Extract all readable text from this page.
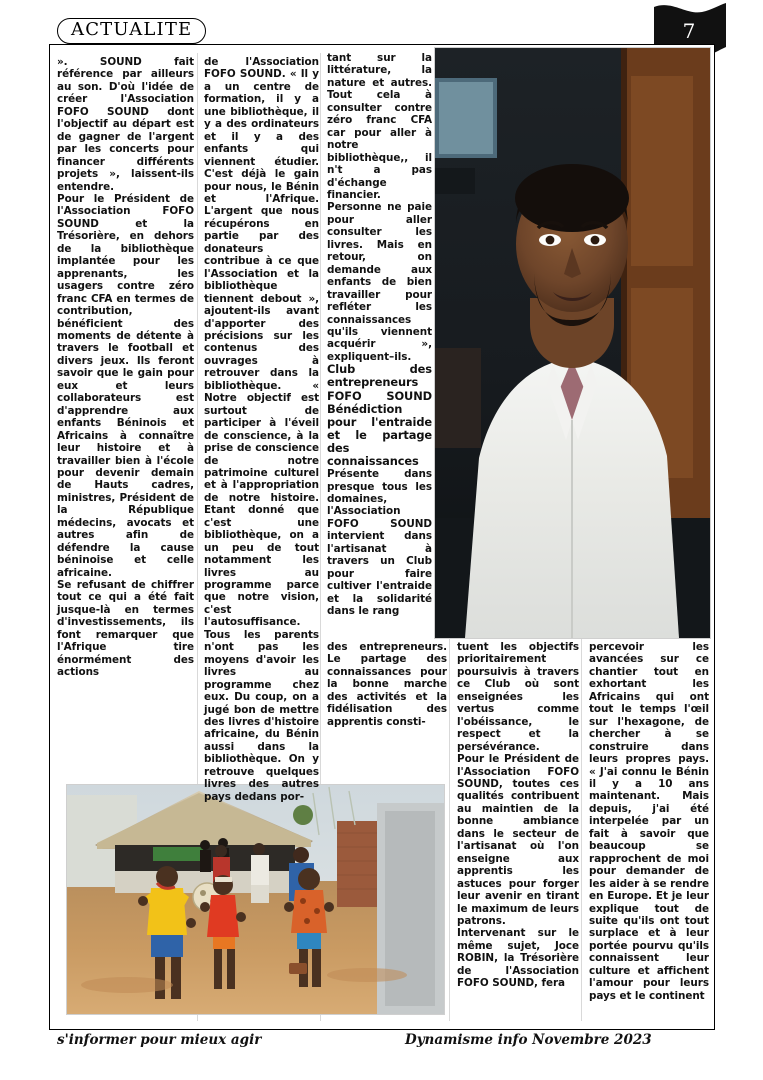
ACTUALITE	7

». SOUND fait référence par ailleurs au son. D'où l'idée de créer l'Association FOFO SOUND dont l'objectif au départ est de gagner de l'argent par les concerts pour financer différents projets », laissent-ils entendre.

Pour le Président de l'Association FOFO SOUND et la Trésorière, en dehors de la bibliothèque implantée pour les apprenants, les usagers contre zéro franc CFA en termes de contribution, bénéficient des moments de détente à travers le football et divers jeux. Ils feront savoir que le gain pour eux et leurs collaborateurs est d'apprendre aux enfants Béninois et Africains à connaître leur histoire et à travailler bien à l'école pour devenir demain de Hauts cadres, ministres, Président de la République médecins, avocats et autres afin de défendre la cause béninoise et celle africaine.

Se refusant de chiffrer tout ce qui a été fait jusque-là en termes d'investissements, ils font remarquer que l'Afrique tire énormément des actions

de l'Association FOFO SOUND. « Il y a un centre de formation, il y a une bibliothèque, il y a des ordinateurs et il y a des enfants qui viennent étudier. C'est déjà le gain pour nous, le Bénin et l'Afrique. L'argent que nous récupérons en partie par des donateurs contribue à ce que l'Association et la bibliothèque tiennent debout », ajoutent-ils avant d'apporter des précisions sur les contenus des ouvrages à retrouver dans la bibliothèque. « Notre objectif est surtout de participer à l'éveil de conscience, à la prise de conscience de notre patrimoine culturel et à l'appropriation de notre histoire. Etant donné que c'est une bibliothèque, on a un peu de tout notamment les livres au programme parce que notre vision, c'est l'autosuffisance. Tous les parents n'ont pas les moyens d'avoir les livres au programme chez eux. Du coup, on a jugé bon de mettre des livres d'histoire africaine, du Bénin aussi dans la bibliothèque. On y retrouve quelques livres des autres pays dedans por-

tant sur la littérature, la nature et autres. Tout cela à consulter contre zéro franc CFA car pour aller à notre bibliothèque,, il n't a pas d'échange financier. Personne ne paie pour aller consulter les livres. Mais en retour, on demande aux enfants de bien travailler pour refléter les connaissances qu'ils viennent acquérir », expliquent–ils.

Club des entrepreneurs FOFO SOUND Bénédiction pour l'entraide et le partage des connaissances

Présente dans presque tous les domaines, l'Association FOFO SOUND intervient dans l'artisanat à travers un Club pour faire cultiver l'entraide et la solidarité dans le rang

des entrepreneurs. Le partage des connaissances pour la bonne marche des activités et la fidélisation des apprentis consti-

tuent les objectifs prioritairement poursuivis à travers ce Club où sont enseignées les vertus comme l'obéissance, le respect et la persévérance.

Pour le Président de l'Association FOFO SOUND, toutes ces qualités contribuent au maintien de la bonne ambiance dans le secteur de l'artisanat où l'on enseigne aux apprentis les astuces pour forger leur avenir en tirant le maximum de leurs patrons.

Intervenant sur le même sujet, Joce ROBIN, la Trésorière de l'Association FOFO SOUND, fera

percevoir les avancées sur ce chantier tout en exhortant les Africains qui ont tout le temps l'œil sur l'hexagone, de chercher à se construire dans leurs propres pays. « J'ai connu le Bénin il y a 10 ans maintenant. Mais depuis, j'ai été interpelée par un fait à savoir que beaucoup se rapprochent de moi pour demander de les aider à se rendre en Europe. Et je leur explique tout de suite qu'ils ont tout surplace et à leur portée pourvu qu'ils connaissent leur culture et affichent l'amour pour leurs pays et le continent

s'informer pour mieux agir	Dynamisme info Novembre 2023
